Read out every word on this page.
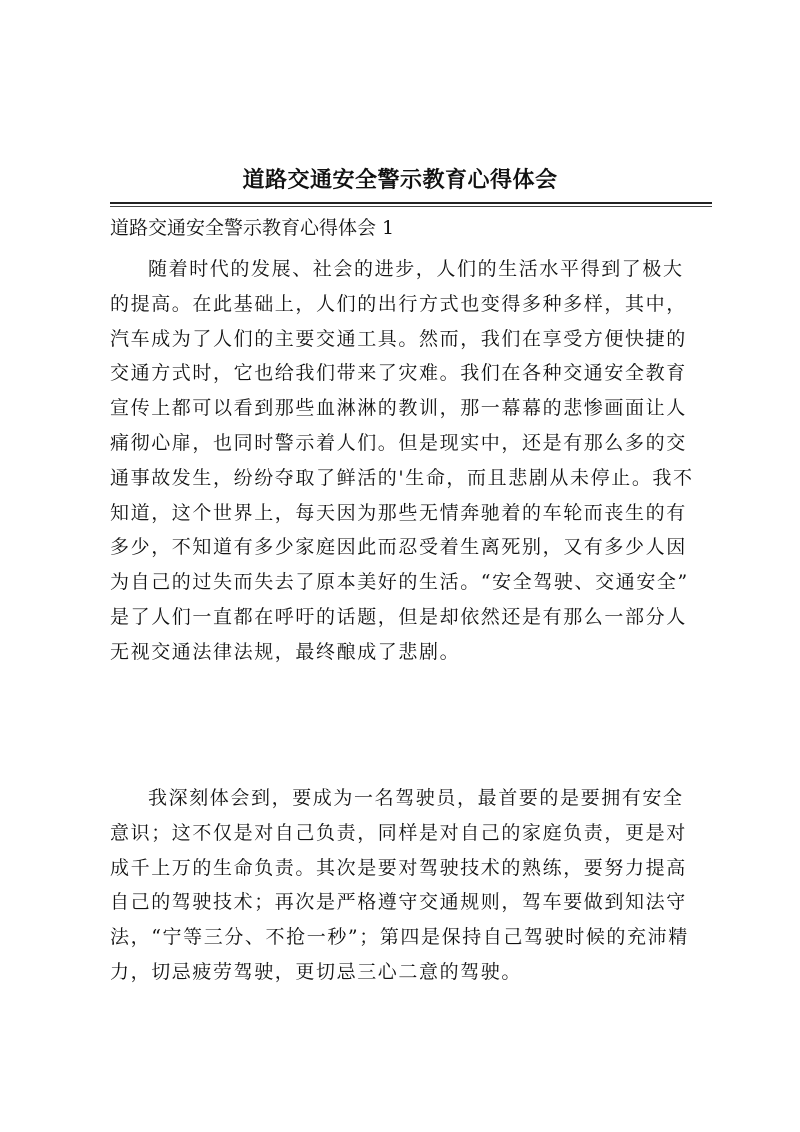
道路交通安全警示教育心得体会
道路交通安全警示教育心得体会 1
随着时代的发展、社会的进步，人们的生活水平得到了极大
的提高。在此基础上，人们的出行方式也变得多种多样，其中，
汽车成为了人们的主要交通工具。然而，我们在享受方便快捷的
交通方式时，它也给我们带来了灾难。我们在各种交通安全教育
宣传上都可以看到那些血淋淋的教训，那一幕幕的悲惨画面让人
痛彻心扉，也同时警示着人们。但是现实中，还是有那么多的交
通事故发生，纷纷夺取了鲜活的'生命，而且悲剧从未停止。我不
知道，这个世界上，每天因为那些无情奔驰着的车轮而丧生的有
多少，不知道有多少家庭因此而忍受着生离死别，又有多少人因
为自己的过失而失去了原本美好的生活。“安全驾驶、交通安全”
是了人们一直都在呼吁的话题，但是却依然还是有那么一部分人
无视交通法律法规，最终酿成了悲剧。
我深刻体会到，要成为一名驾驶员，最首要的是要拥有安全
意识；这不仅是对自己负责，同样是对自己的家庭负责，更是对
成千上万的生命负责。其次是要对驾驶技术的熟练，要努力提高
自己的驾驶技术；再次是严格遵守交通规则，驾车要做到知法守
法，“宁等三分、不抢一秒”；第四是保持自己驾驶时候的充沛精
力，切忌疲劳驾驶，更切忌三心二意的驾驶。
